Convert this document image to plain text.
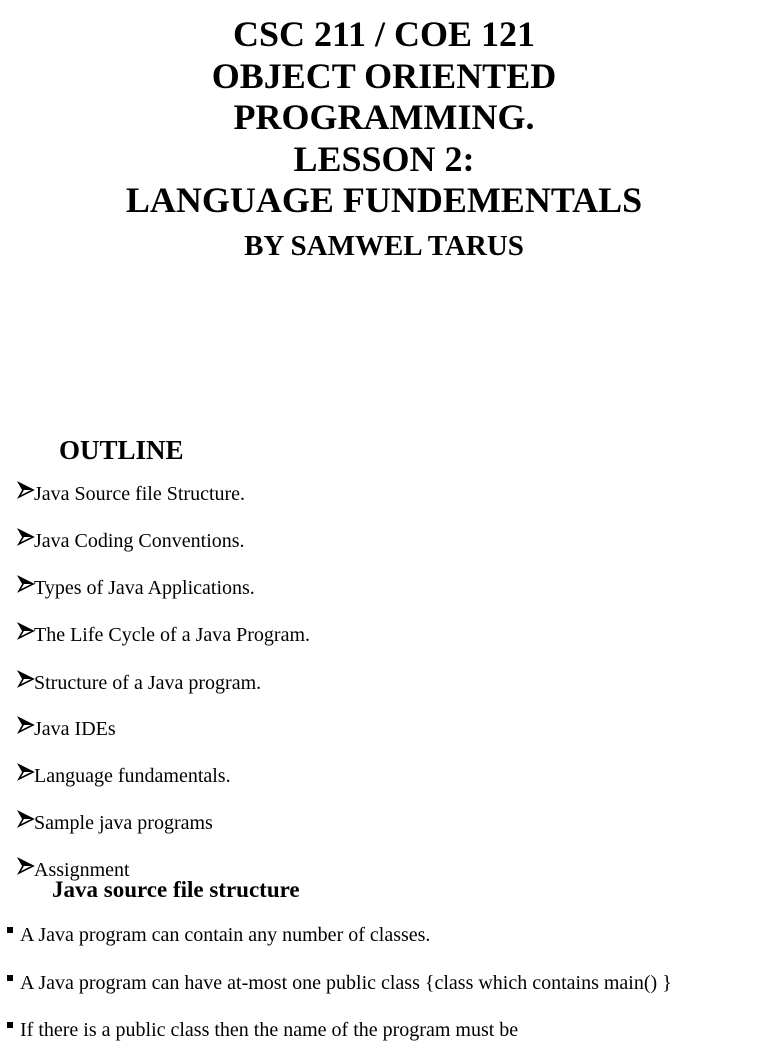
CSC 211 / COE 121
OBJECT ORIENTED
PROGRAMMING.
LESSON 2:
LANGUAGE FUNDEMENTALS
BY SAMWEL TARUS
OUTLINE
Java Source file Structure.
Java Coding Conventions.
Types of Java Applications.
The Life Cycle of a Java Program.
Structure of a Java program.
Java IDEs
Language fundamentals.
Sample java programs
Assignment
Java source file structure
A Java program can contain any number of classes.
A Java program can have at-most one public class {class which contains main() }
If there is a public class then the name of the program must be
